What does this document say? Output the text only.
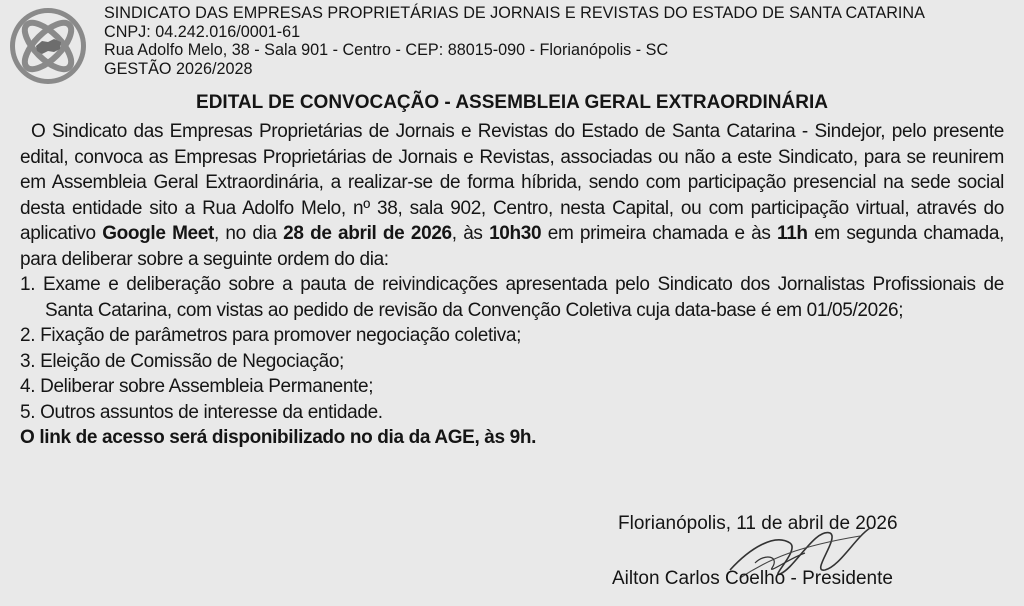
SINDICATO DAS EMPRESAS PROPRIETÁRIAS DE JORNAIS E REVISTAS DO ESTADO DE SANTA CATARINA
CNPJ: 04.242.016/0001-61
Rua Adolfo Melo, 38 - Sala 901 - Centro - CEP: 88015-090 - Florianópolis - SC
GESTÃO 2026/2028
EDITAL DE CONVOCAÇÃO - ASSEMBLEIA GERAL EXTRAORDINÁRIA

O Sindicato das Empresas Proprietárias de Jornais e Revistas do Estado de Santa Catarina - Sindejor, pelo presente edital, convoca as Empresas Proprietárias de Jornais e Revistas, associadas ou não a este Sindicato, para se reunirem em Assembleia Geral Extraordinária, a realizar-se de forma híbrida, sendo com participação presencial na sede social desta entidade sito a Rua Adolfo Melo, nº 38, sala 902, Centro, nesta Capital, ou com participação virtual, através do aplicativo Google Meet, no dia 28 de abril de 2026, às 10h30 em primeira chamada e às 11h em segunda chamada, para deliberar sobre a seguinte ordem do dia:

1. Exame e deliberação sobre a pauta de reivindicações apresentada pelo Sindicato dos Jornalistas Profissionais de Santa Catarina, com vistas ao pedido de revisão da Convenção Coletiva cuja data-base é em 01/05/2026;

2. Fixação de parâmetros para promover negociação coletiva;

3. Eleição de Comissão de Negociação;

4. Deliberar sobre Assembleia Permanente;

5. Outros assuntos de interesse da entidade.

O link de acesso será disponibilizado no dia da AGE, às 9h.

Florianópolis, 11 de abril de 2026
Ailton Carlos Coelho - Presidente
